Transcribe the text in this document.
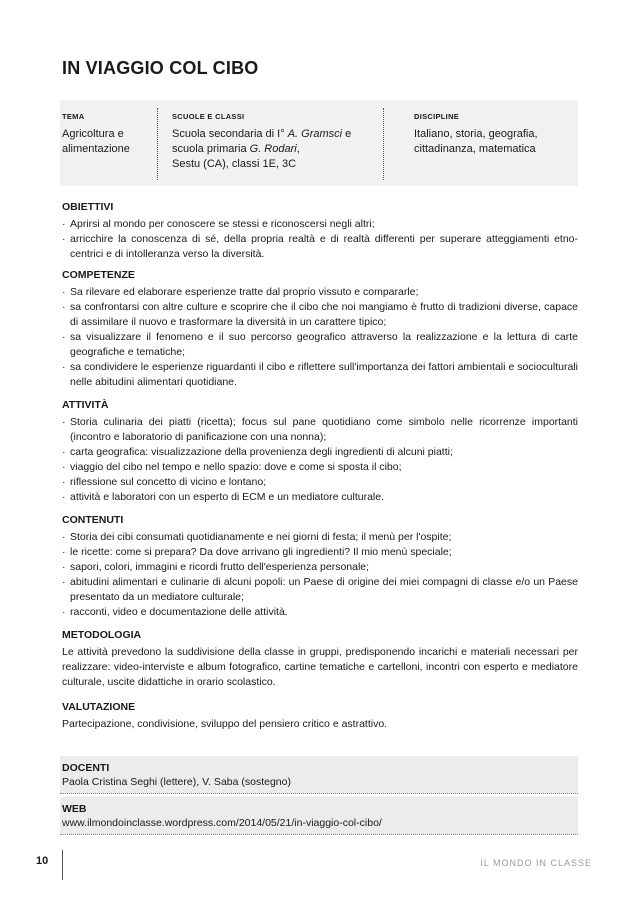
IN VIAGGIO COL CIBO
TEMA
Agricoltura e
alimentazione
SCUOLE E CLASSI
Scuola secondaria di I° A. Gramsci e
scuola primaria G. Rodari,
Sestu (CA), classi 1E, 3C
DISCIPLINE
Italiano, storia, geografia,
cittadinanza, matematica
OBIETTIVI
· Aprirsi al mondo per conoscere se stessi e riconoscersi negli altri;
· arricchire la conoscenza di sé, della propria realtà e di realtà differenti per superare atteggiamenti etno- centrici e di intolleranza verso la diversità.
COMPETENZE
· Sa rilevare ed elaborare esperienze tratte dal proprio vissuto e compararle;
· sa confrontarsi con altre culture e scoprire che il cibo che noi mangiamo è frutto di tradizioni diverse, capace di assimilare il nuovo e trasformare la diversità in un carattere tipico;
· sa visualizzare il fenomeno e il suo percorso geografico attraverso la realizzazione e la lettura di carte geografiche e tematiche;
· sa condividere le esperienze riguardanti il cibo e riflettere sull'importanza dei fattori ambientali e socioculturali nelle abitudini alimentari quotidiane.
ATTIVITÀ
· Storia culinaria dei piatti (ricetta); focus sul pane quotidiano come simbolo nelle ricorrenze importanti (incontro e laboratorio di panificazione con una nonna);
· carta geografica: visualizzazione della provenienza degli ingredienti di alcuni piatti;
· viaggio del cibo nel tempo e nello spazio: dove e come si sposta il cibo;
· riflessione sul concetto di vicino e lontano;
· attività e laboratori con un esperto di ECM e un mediatore culturale.
CONTENUTI
· Storia dei cibi consumati quotidianamente e nei giorni di festa; il menù per l'ospite;
· le ricette: come si prepara? Da dove arrivano gli ingredienti? Il mio menù speciale;
· sapori, colori, immagini e ricordi frutto dell'esperienza personale;
· abitudini alimentari e culinarie di alcuni popoli: un Paese di origine dei miei compagni di classe e/o un Paese presentato da un mediatore culturale;
· racconti, video e documentazione delle attività.
METODOLOGIA

Le attività prevedono la suddivisione della classe in gruppi, predisponendo incarichi e materiali necessari per realizzare: video-interviste e album fotografico, cartine tematiche e cartelloni, incontri con esperto e mediatore culturale, uscite didattiche in orario scolastico.

VALUTAZIONE

Partecipazione, condivisione, sviluppo del pensiero critico e astrattivo.

DOCENTI

Paola Cristina Seghi (lettere), V. Saba (sostegno)

WEB

www.ilmondoinclasse.wordpress.com/2014/05/21/in-viaggio-col-cibo/

10	IL MONDO IN CLASSE
